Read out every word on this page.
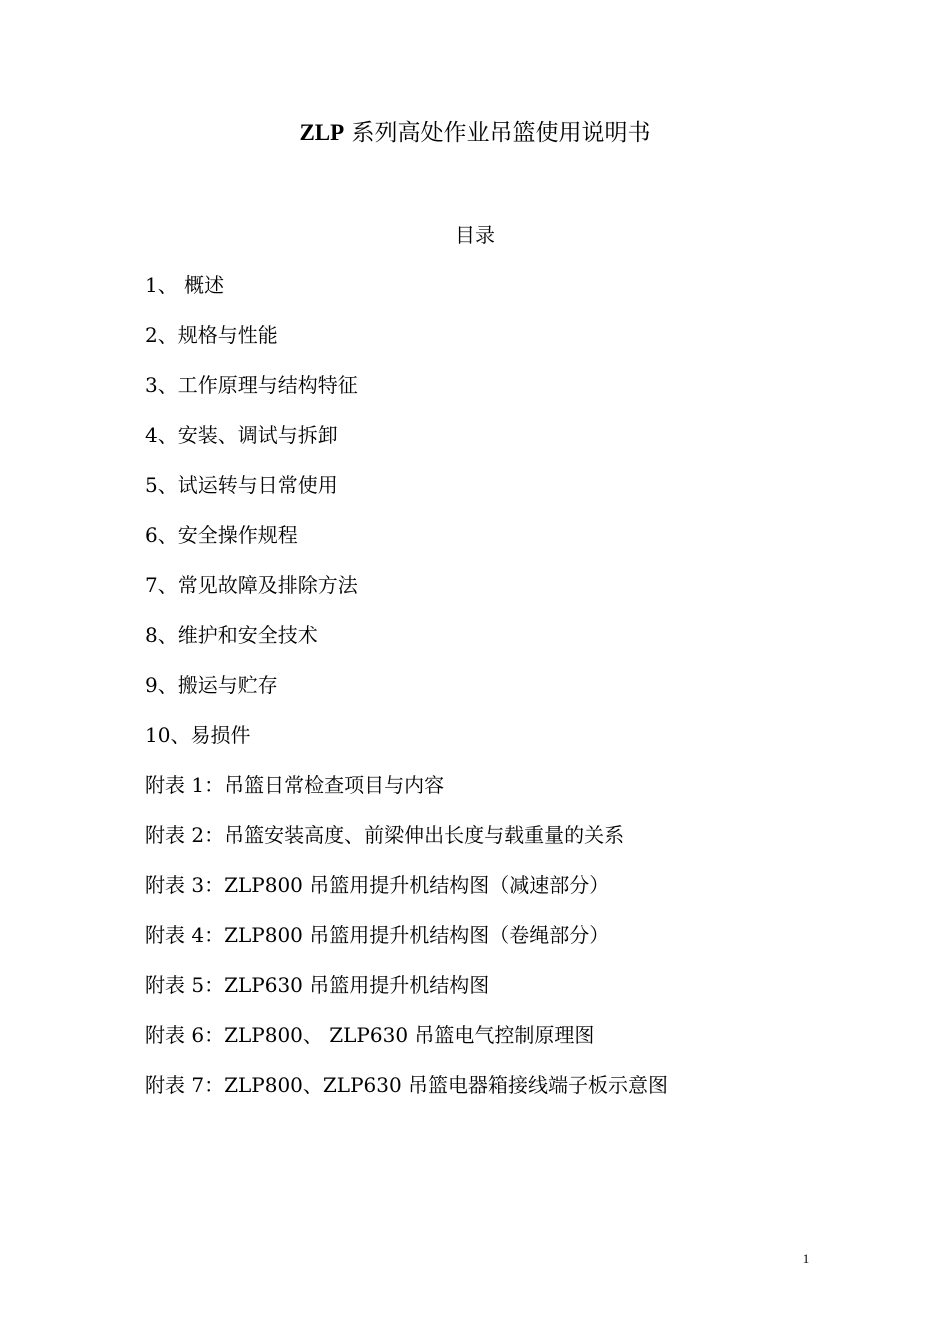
ZLP 系列高处作业吊篮使用说明书
目录
1、 概述
2、规格与性能
3、工作原理与结构特征
4、安装、调试与拆卸
5、试运转与日常使用
6、安全操作规程
7、常见故障及排除方法
8、维护和安全技术
9、搬运与贮存
10、易损件
附表 1：吊篮日常检查项目与内容
附表 2：吊篮安装高度、前梁伸出长度与载重量的关系
附表 3：ZLP800 吊篮用提升机结构图（减速部分）
附表 4：ZLP800 吊篮用提升机结构图（卷绳部分）
附表 5：ZLP630 吊篮用提升机结构图
附表 6：ZLP800、 ZLP630 吊篮电气控制原理图
附表 7：ZLP800、ZLP630 吊篮电器箱接线端子板示意图
1
